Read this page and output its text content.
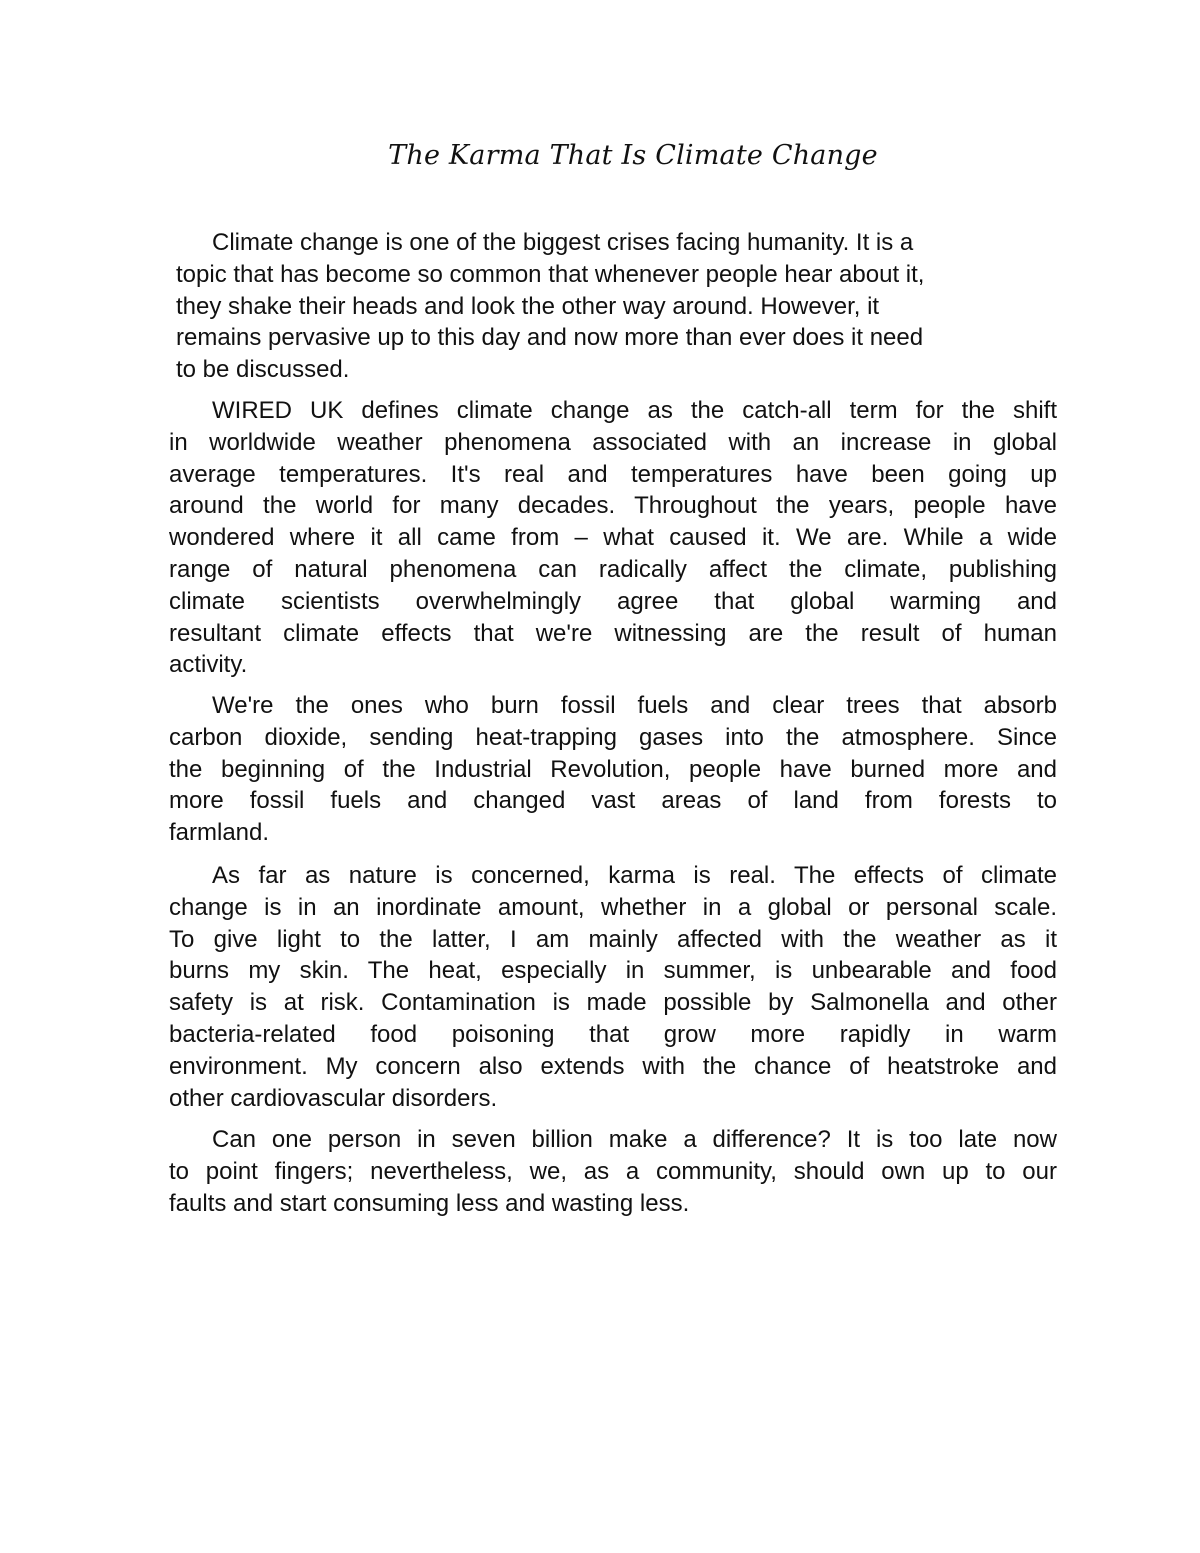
The Karma That Is Climate Change
Climate change is one of the biggest crises facing humanity. It is a
topic that has become so common that whenever people hear about it,
they shake their heads and look the other way around. However, it
remains pervasive up to this day and now more than ever does it need
to be discussed.
WIRED UK defines climate change as the catch-all term for the shift
in worldwide weather phenomena associated with an increase in global
average temperatures. It's real and temperatures have been going up
around the world for many decades. Throughout the years, people have
wondered where it all came from – what caused it. We are. While a wide
range of natural phenomena can radically affect the climate, publishing
climate scientists overwhelmingly agree that global warming and
resultant climate effects that we're witnessing are the result of human
activity.
We're the ones who burn fossil fuels and clear trees that absorb
carbon dioxide, sending heat-trapping gases into the atmosphere. Since
the beginning of the Industrial Revolution, people have burned more and
more fossil fuels and changed vast areas of land from forests to
farmland.
As far as nature is concerned, karma is real. The effects of climate
change is in an inordinate amount, whether in a global or personal scale.
To give light to the latter, I am mainly affected with the weather as it
burns my skin. The heat, especially in summer, is unbearable and food
safety is at risk. Contamination is made possible by Salmonella and other
bacteria-related food poisoning that grow more rapidly in warm
environment. My concern also extends with the chance of heatstroke and
other cardiovascular disorders.
Can one person in seven billion make a difference? It is too late now
to point fingers; nevertheless, we, as a community, should own up to our
faults and start consuming less and wasting less.
